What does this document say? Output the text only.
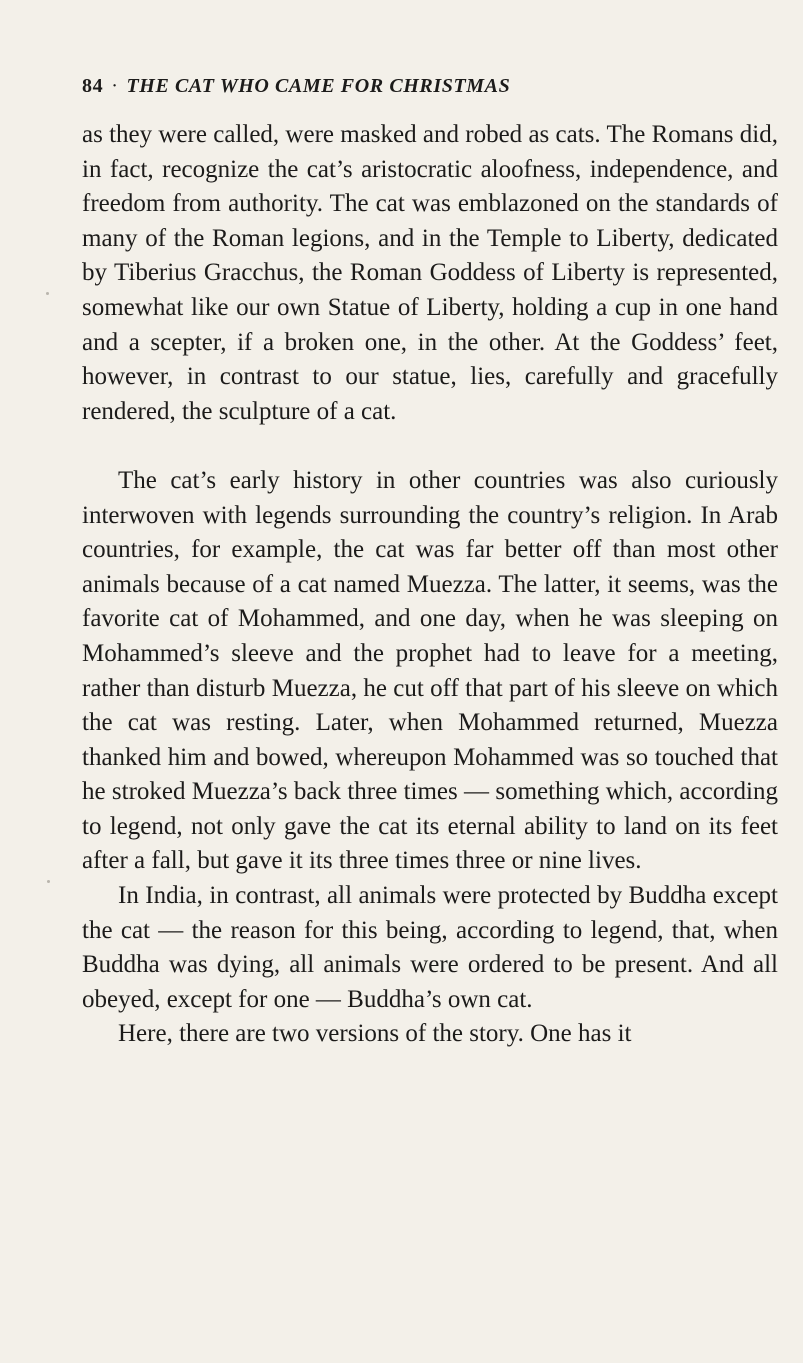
84 · THE CAT WHO CAME FOR CHRISTMAS

as they were called, were masked and robed as cats. The Romans did, in fact, recognize the cat’s aristocratic aloofness, independence, and freedom from authority. The cat was emblazoned on the standards of many of the Roman legions, and in the Temple to Liberty, dedicated by Tiberius Gracchus, the Roman Goddess of Liberty is represented, somewhat like our own Statue of Liberty, holding a cup in one hand and a scepter, if a broken one, in the other. At the Goddess’ feet, however, in contrast to our statue, lies, carefully and gracefully rendered, the sculpture of a cat.

The cat’s early history in other countries was also curiously interwoven with legends surrounding the country’s religion. In Arab countries, for example, the cat was far better off than most other animals because of a cat named Muezza. The latter, it seems, was the favorite cat of Mohammed, and one day, when he was sleeping on Mohammed’s sleeve and the prophet had to leave for a meeting, rather than disturb Muezza, he cut off that part of his sleeve on which the cat was resting. Later, when Mohammed returned, Muezza thanked him and bowed, whereupon Mohammed was so touched that he stroked Muezza’s back three times — something which, according to legend, not only gave the cat its eternal ability to land on its feet after a fall, but gave it its three times three or nine lives.

In India, in contrast, all animals were protected by Buddha except the cat — the reason for this being, according to legend, that, when Buddha was dying, all animals were ordered to be present. And all obeyed, except for one — Buddha’s own cat.

Here, there are two versions of the story. One has it
